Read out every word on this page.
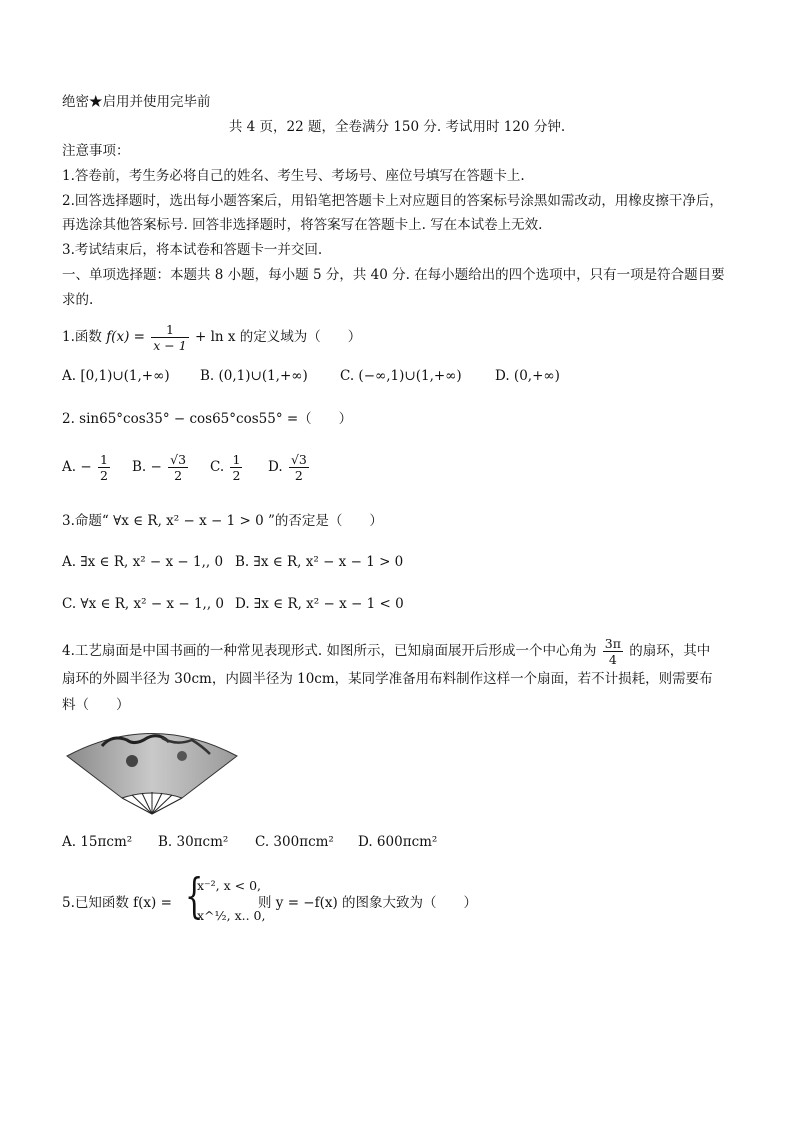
绝密★启用并使用完毕前
共 4 页，22 题，全卷满分 150 分. 考试用时 120 分钟.
注意事项：
1.答卷前，考生务必将自己的姓名、考生号、考场号、座位号填写在答题卡上.
2.回答选择题时，选出每小题答案后，用铅笔把答题卡上对应题目的答案标号涂黑如需改动，用橡皮擦干净后，
再选涂其他答案标号. 回答非选择题时，将答案写在答题卡上. 写在本试卷上无效.
3.考试结束后，将本试卷和答题卡一并交回.
一、单项选择题：本题共 8 小题，每小题 5 分，共 40 分. 在每小题给出的四个选项中，只有一项是符合题目要
求的.
1.函数 $f(x) = \frac{1}{x - 1} + \ln x$ 的定义域为（　　）
A. [0,1)∪(1,+∞) B. (0,1)∪(1,+∞) C. (−∞,1)∪(1,+∞) D. (0,+∞)
2. sin65°cos35° − cos65°cos55° =（　　）
A. − $\frac{1}{2} B$. − $\frac{√3}{2} C$. $\frac{1}{2} D$. $\frac{√3}{2}$
3.命题“ ∀x ∈ R, x² − x − 1 > 0 ”的否定是（　　）
A. ∃x ∈ R, x² − x − 1,, 0 B. ∃x ∈ R, x² − x − 1 > 0
C. ∀x ∈ R, x² − x − 1,, 0 D. ∃x ∈ R, x² − x − 1 < 0
4.工艺扇面是中国书画的一种常见表现形式. 如图所示，已知扇面展开后形成一个中心角为 $\frac{3\pi}{4}$ 的扇环，其中
扇环的外圆半径为 30cm，内圆半径为 10cm，某同学准备用布料制作这样一个扇面，若不计损耗，则需要布
料（　　）
A. 15πcm² B. 30πcm² C. 300πcm² D. 600πcm²
5.已知函数 f(x) = {
x⁻², x < 0,
x^½, x.. 0,
则 y = −f(x) 的图象大致为（　　）
